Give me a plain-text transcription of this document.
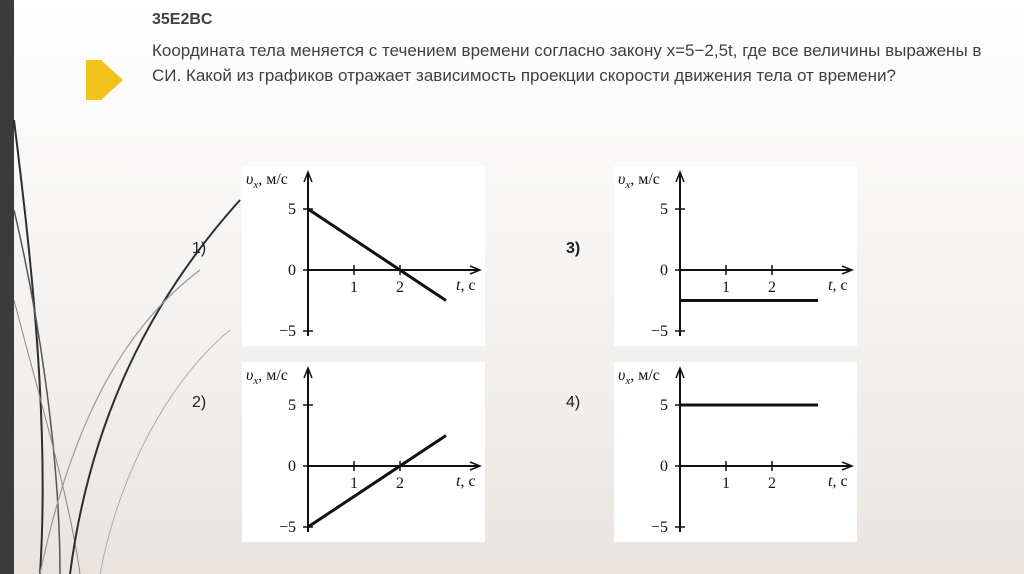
35E2BC
Координата тела меняется с течением времени согласно закону x=5−2,5t, где все величины выражены в СИ. Какой из графиков отражает зависимость проекции скорости движения тела от времени?
1)
2)
3)
4)
5
0
−5
1 2
$\upsilon_x$, м/с
t, с
5
0
−5
1 2
$\upsilon_x$, м/с
t, с
5
0
−5
1 2
$\upsilon_x$, м/с
t, с
5
0
−5
1 2
$\upsilon_x$, м/с
t, с
